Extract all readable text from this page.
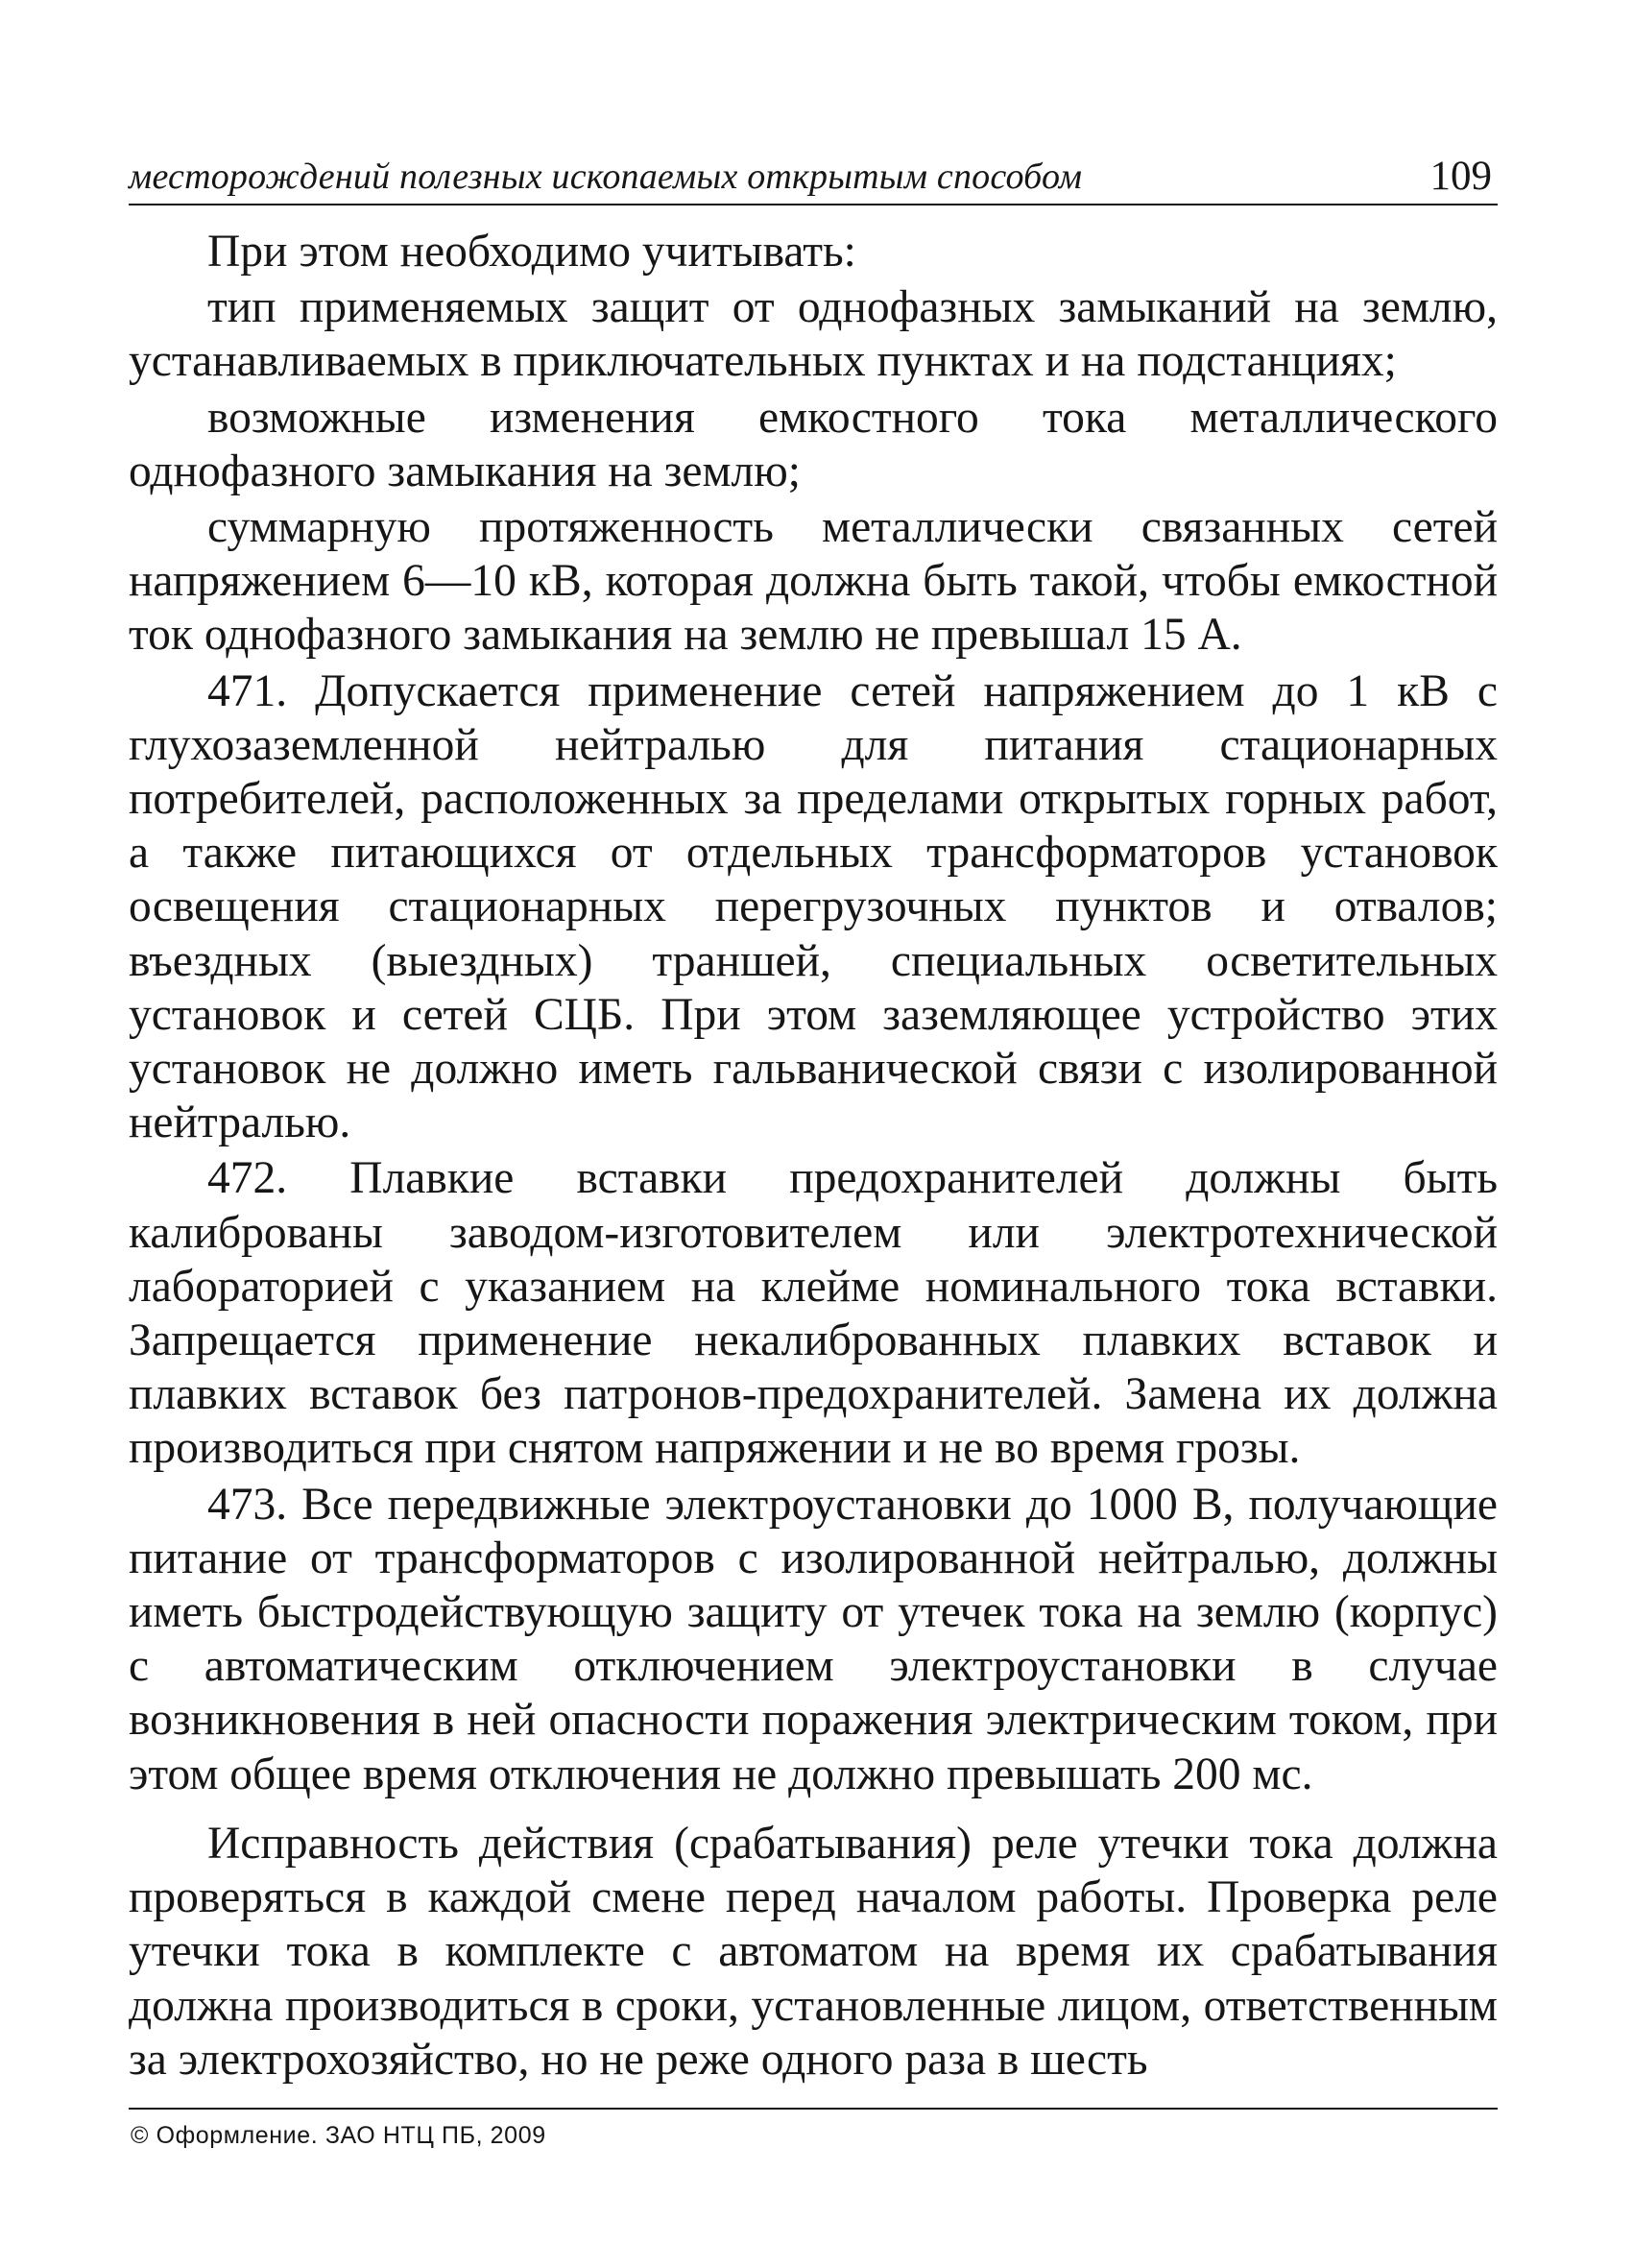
месторождений полезных ископаемых открытым способом	109

При этом необходимо учитывать:

тип применяемых защит от однофазных замыканий на землю, устанавливаемых в приключательных пунктах и на подстанциях;

возможные изменения емкостного тока металлического однофазного замыкания на землю;

суммарную протяженность металлически связанных сетей напряжением 6—10 кВ, которая должна быть такой, чтобы емкостной ток однофазного замыкания на землю не превышал 15 А.

471. Допускается применение сетей напряжением до 1 кВ с глухозаземленной нейтралью для питания стационарных потребителей, расположенных за пределами открытых горных работ, а также питающихся от отдельных трансформаторов установок освещения стационарных перегрузочных пунктов и отвалов; въездных (выездных) траншей, специальных осветительных установок и сетей СЦБ. При этом заземляющее устройство этих установок не должно иметь гальванической связи с изолированной нейтралью.

472. Плавкие вставки предохранителей должны быть калиброваны заводом-изготовителем или электротехнической лабораторией с указанием на клейме номинального тока вставки. Запрещается применение некалиброванных плавких вставок и плавких вставок без патронов-предохранителей. Замена их должна производиться при снятом напряжении и не во время грозы.

473. Все передвижные электроустановки до 1000 В, получающие питание от трансформаторов с изолированной нейтралью, должны иметь быстродействующую защиту от утечек тока на землю (корпус) с автоматическим отключением электроустановки в случае возникновения в ней опасности поражения электрическим током, при этом общее время отключения не должно превышать 200 мс.

Исправность действия (срабатывания) реле утечки тока должна проверяться в каждой смене перед началом работы. Проверка реле утечки тока в комплекте с автоматом на время их срабатывания должна производиться в сроки, установленные лицом, ответственным за электрохозяйство, но не реже одного раза в шесть

© Оформление. ЗАО НТЦ ПБ, 2009
